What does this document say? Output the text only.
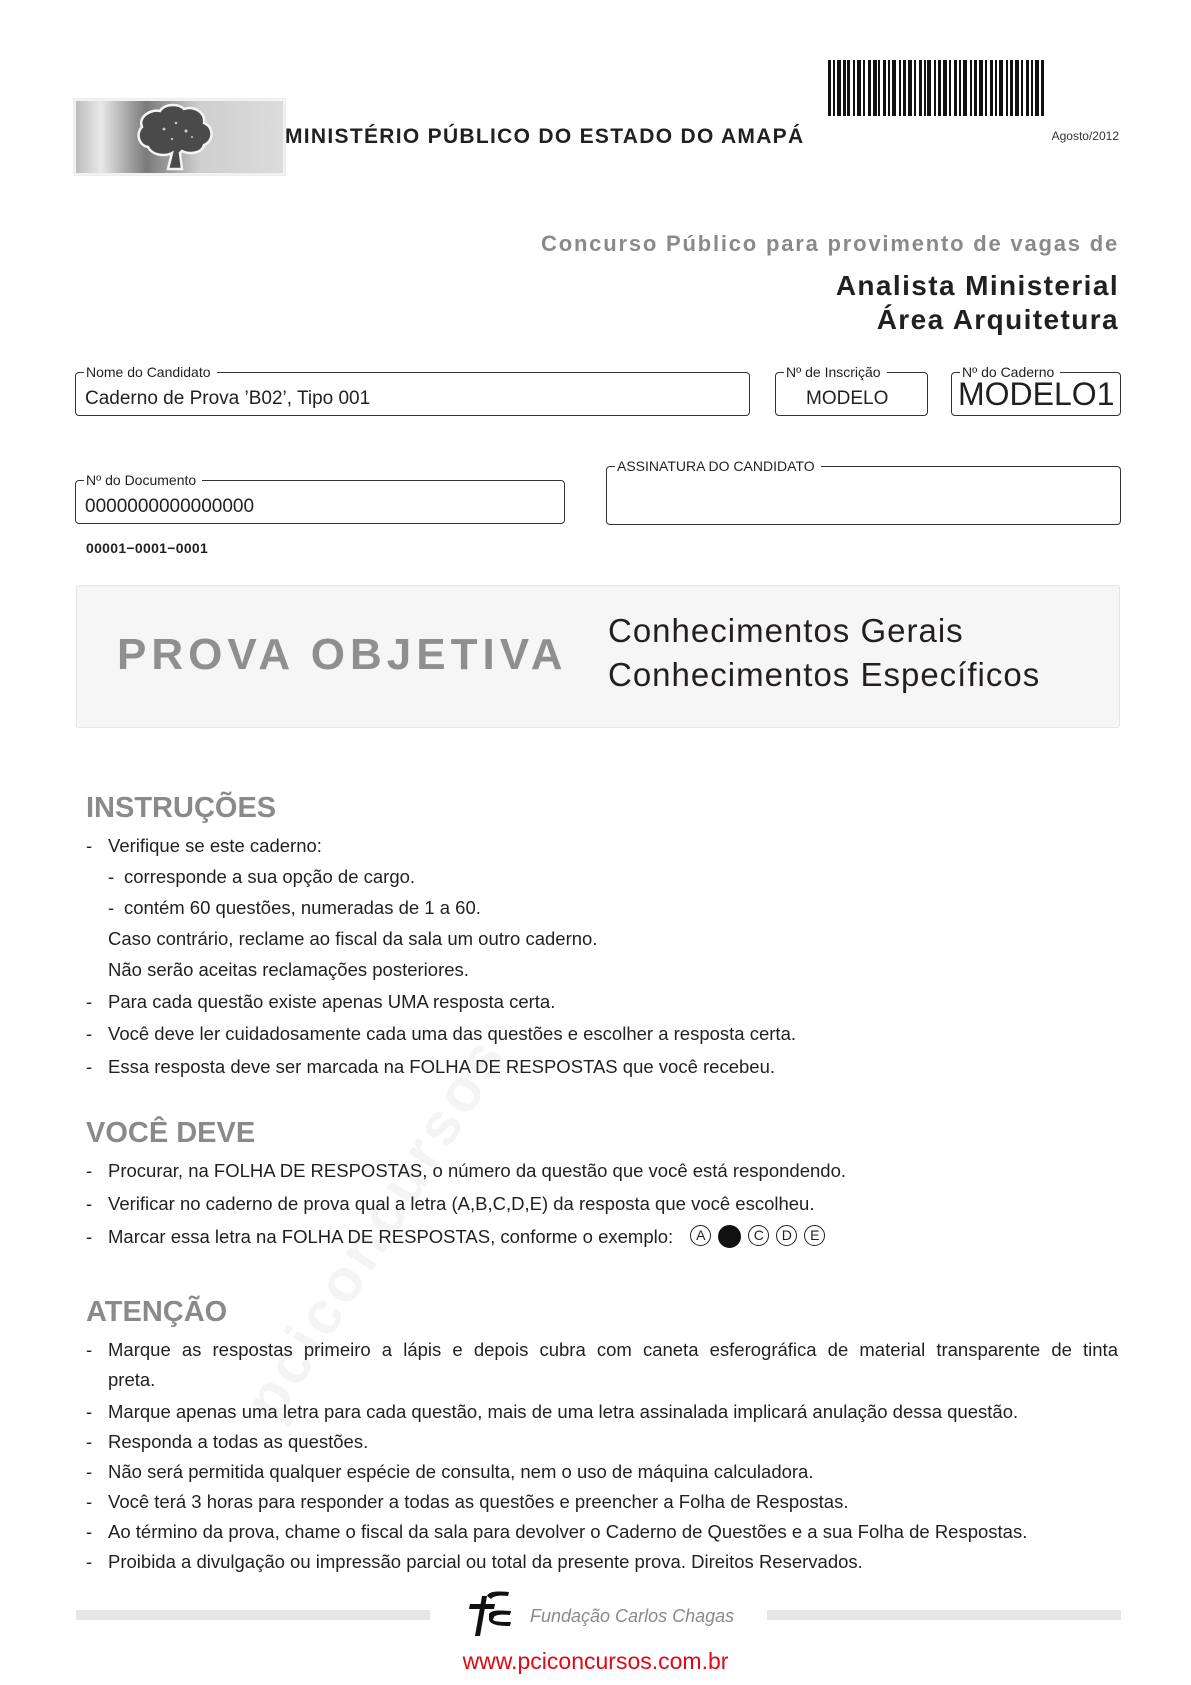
MINISTÉRIO PÚBLICO DO ESTADO DO AMAPÁ	Agosto/2012
Concurso Público para provimento de vagas de
Analista Ministerial
Área Arquitetura
Nome do Candidato
Caderno de Prova ’B02’, Tipo 001
Nº de Inscrição
MODELO
Nº do Caderno
MODELO1
Nº do Documento
0000000000000000
ASSINATURA DO CANDIDATO
00001−0001−0001
PROVA OBJETIVA Conhecimentos Gerais
Conhecimentos Específicos
INSTRUÇÕES
- Verifique se este caderno:
- corresponde a sua opção de cargo.
- contém 60 questões, numeradas de 1 a 60.
Caso contrário, reclame ao fiscal da sala um outro caderno.
Não serão aceitas reclamações posteriores.
- Para cada questão existe apenas UMA resposta certa.
- Você deve ler cuidadosamente cada uma das questões e escolher a resposta certa.
- Essa resposta deve ser marcada na FOLHA DE RESPOSTAS que você recebeu.
VOCÊ DEVE
- Procurar, na FOLHA DE RESPOSTAS, o número da questão que você está respondendo.
- Verificar no caderno de prova qual a letra (A,B,C,D,E) da resposta que você escolheu.
- Marcar essa letra na FOLHA DE RESPOSTAS, conforme o exemplo:	A	C	D	E
ATENÇÃO
- Marque as respostas primeiro a lápis e depois cubra com caneta esferográfica de material transparente de tinta
preta.
- Marque apenas uma letra para cada questão, mais de uma letra assinalada implicará anulação dessa questão.
- Responda a todas as questões.
- Não será permitida qualquer espécie de consulta, nem o uso de máquina calculadora.
- Você terá 3 horas para responder a todas as questões e preencher a Folha de Respostas.
- Ao término da prova, chame o fiscal da sala para devolver o Caderno de Questões e a sua Folha de Respostas.
- Proibida a divulgação ou impressão parcial ou total da presente prova. Direitos Reservados.
Fundação Carlos Chagas
www.pciconcursos.com.br
